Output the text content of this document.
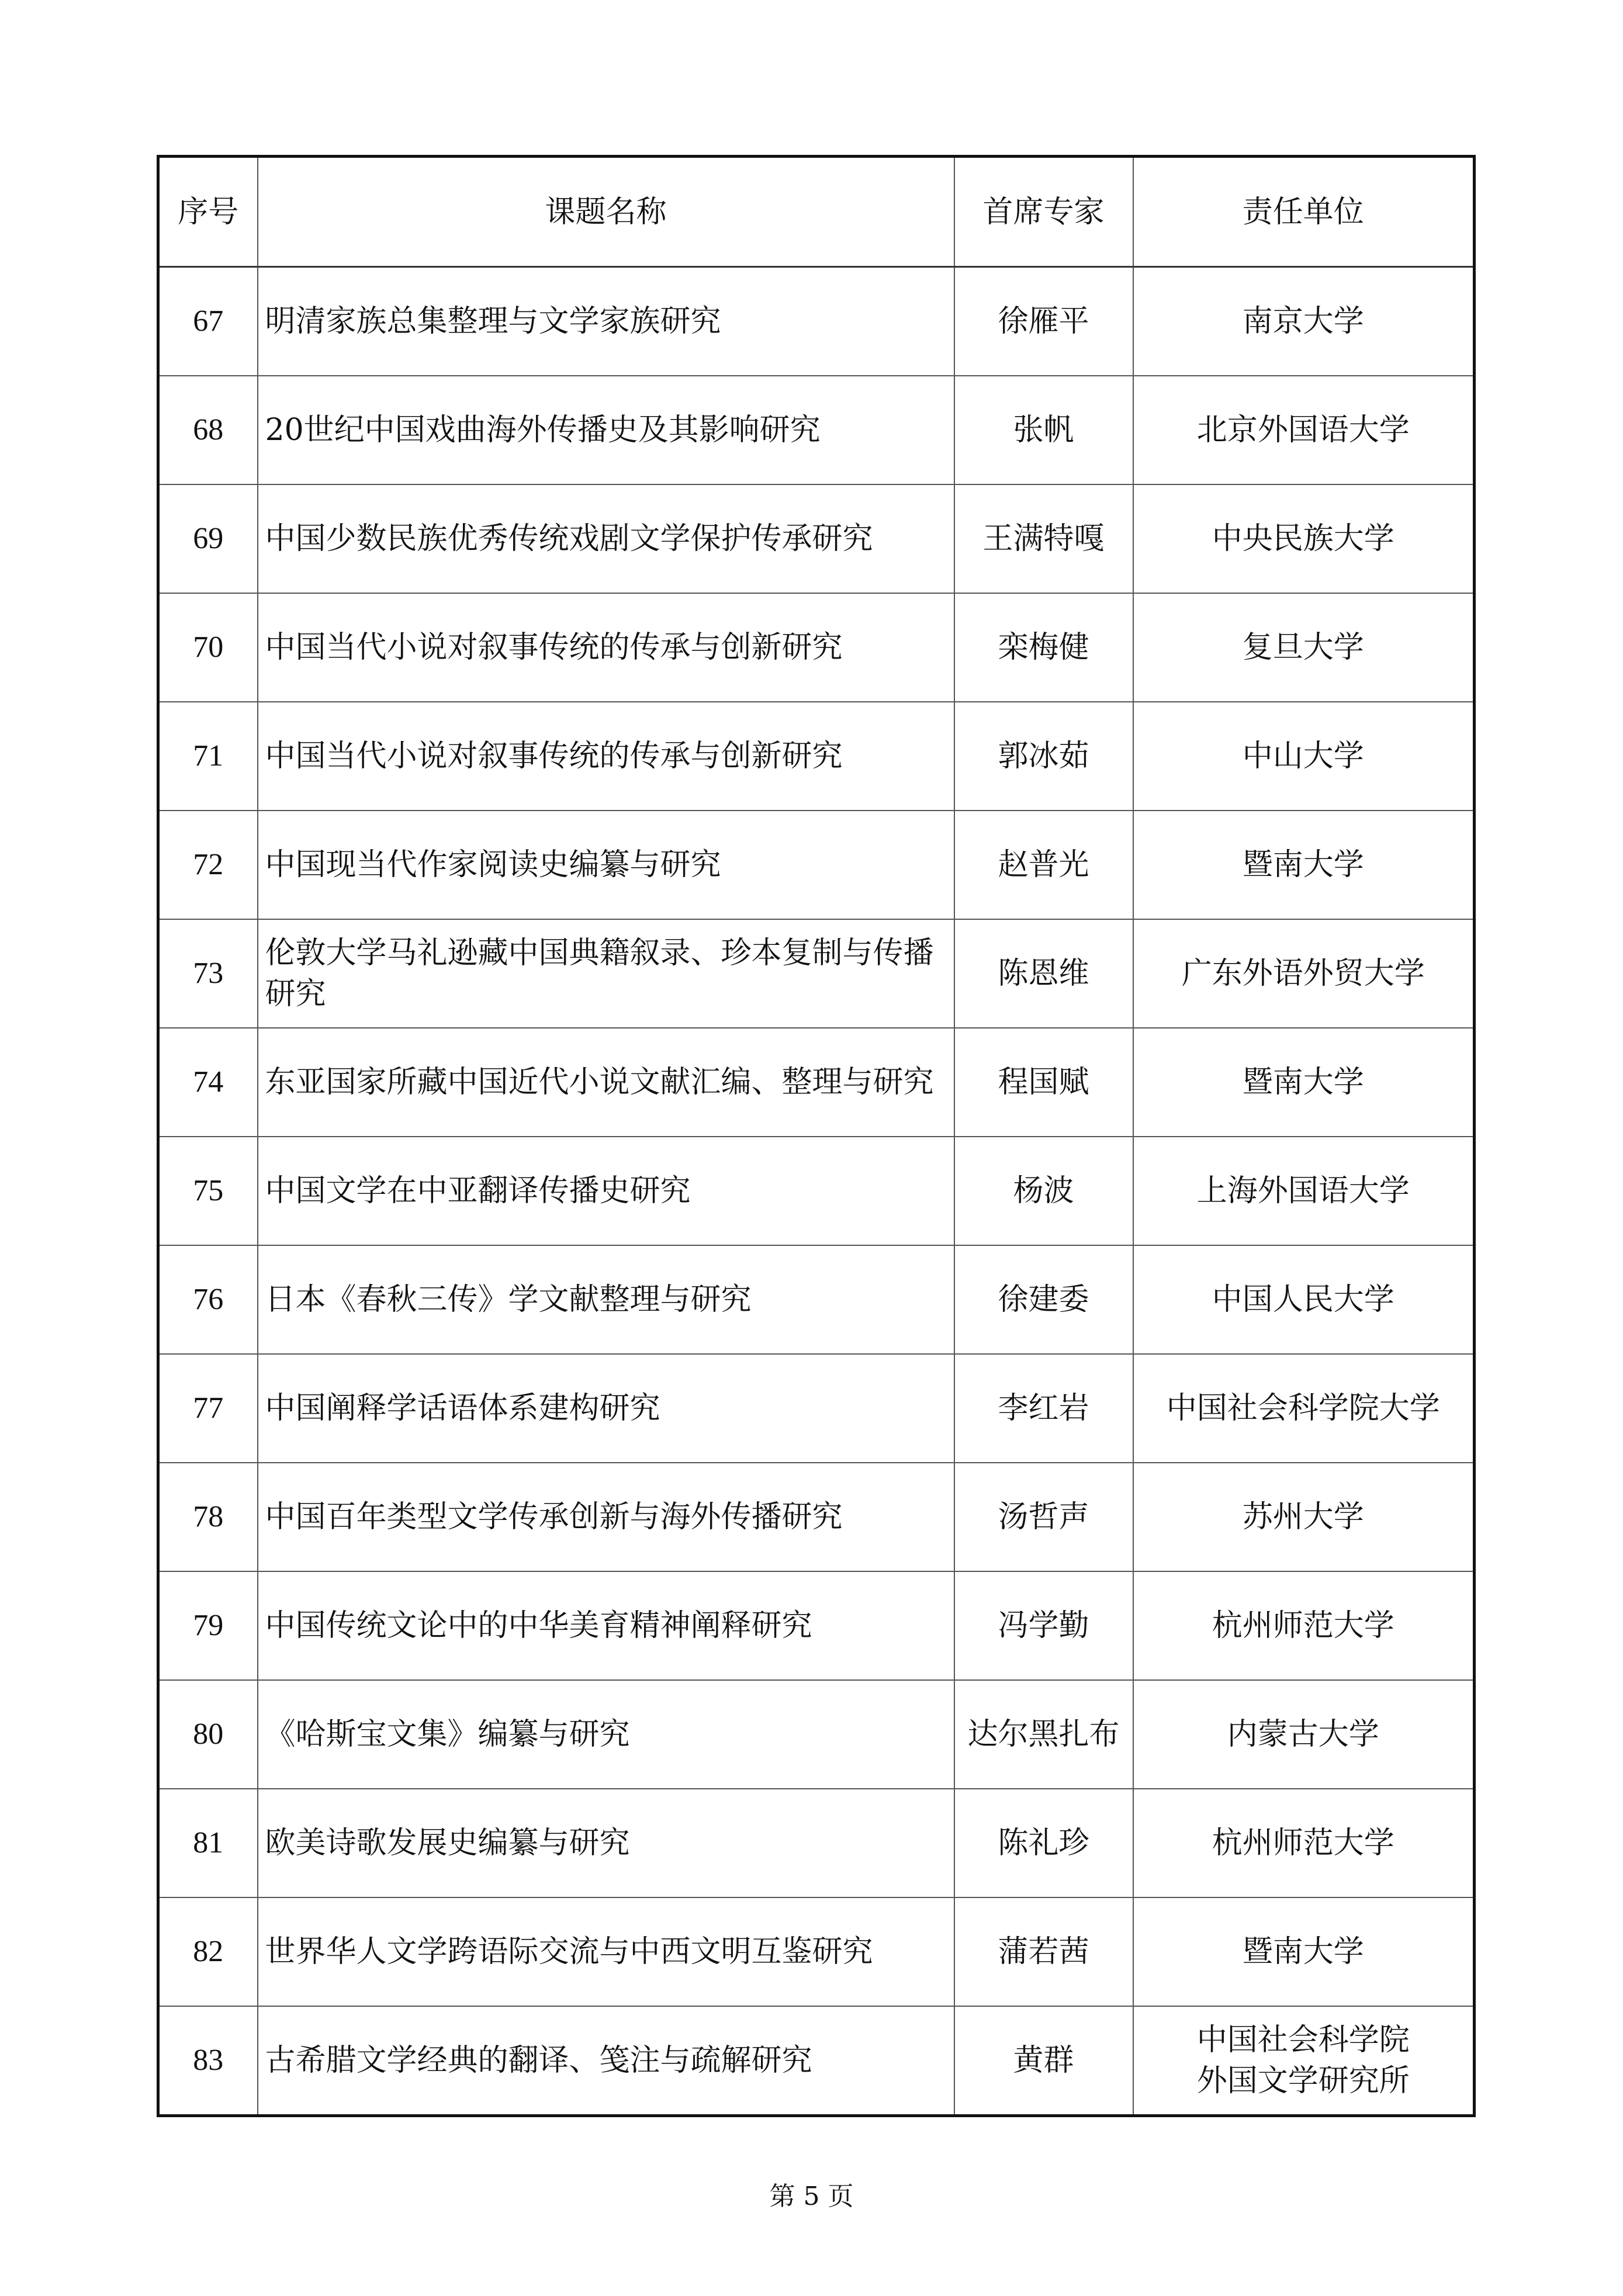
序号	课题名称	首席专家	责任单位
67	明清家族总集整理与文学家族研究	徐雁平	南京大学

68	20世纪中国戏曲海外传播史及其影响研究	张帆	北京外国语大学

69	中国少数民族优秀传统戏剧文学保护传承研究	王满特嘎	中央民族大学

70	中国当代小说对叙事传统的传承与创新研究	栾梅健	复旦大学

71	中国当代小说对叙事传统的传承与创新研究	郭冰茹	中山大学

72	中国现当代作家阅读史编纂与研究	赵普光	暨南大学

73	伦敦大学马礼逊藏中国典籍叙录、珍本复制与传播研究	陈恩维	广东外语外贸大学

74	东亚国家所藏中国近代小说文献汇编、整理与研究	程国赋	暨南大学

75	中国文学在中亚翻译传播史研究	杨波	上海外国语大学

76	日本《春秋三传》学文献整理与研究	徐建委	中国人民大学

77	中国阐释学话语体系建构研究	李红岩	中国社会科学院大学

78	中国百年类型文学传承创新与海外传播研究	汤哲声	苏州大学

79	中国传统文论中的中华美育精神阐释研究	冯学勤	杭州师范大学

80	《哈斯宝文集》编纂与研究	达尔黑扎布	内蒙古大学

81	欧美诗歌发展史编纂与研究	陈礼珍	杭州师范大学

82	世界华人文学跨语际交流与中西文明互鉴研究	蒲若茜	暨南大学

83	古希腊文学经典的翻译、笺注与疏解研究	黄群	中国社会科学院
外国文学研究所
第 5 页
